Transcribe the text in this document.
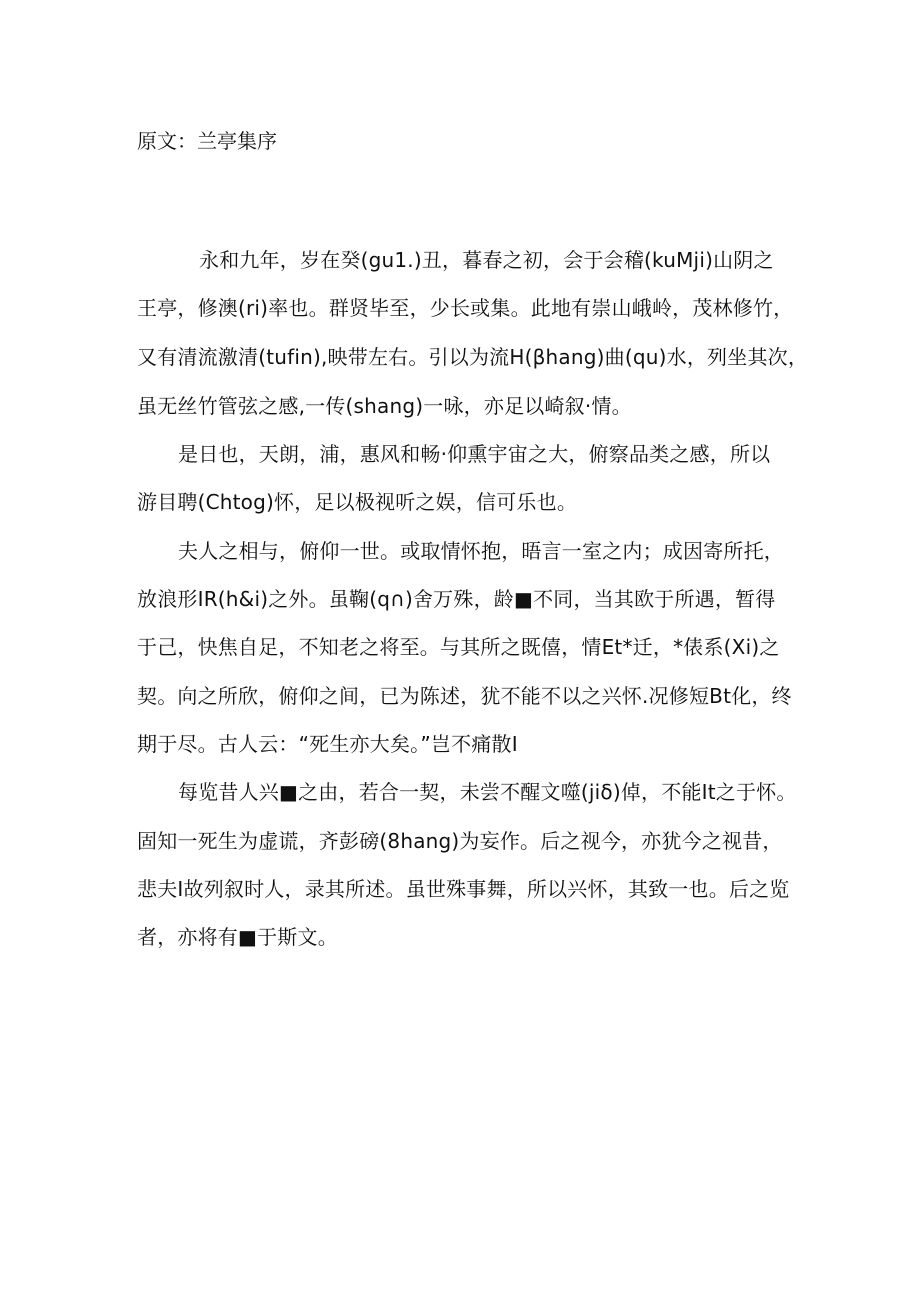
原文：兰亭集序
永和九年，岁在癸(gu1.)丑，暮春之初，会于会稽(kuMji)山阴之
王亭，修澳(ri)率也。群贤毕至，少长或集。此地有崇山峨岭，茂林修竹，
又有清流激清(tufin),映带左右。引以为流H(βhang)曲(qu)水，列坐其次，
虽无丝竹管弦之感,一传(shang)一咏，亦足以崎叙·情。
是日也，天朗，浦，惠风和畅·仰熏宇宙之大，俯察品类之感，所以
游目聘(Chtog)怀，足以极视听之娱，信可乐也。
夫人之相与，俯仰一世。或取情怀抱，晤言一室之内；成因寄所托，
放浪形IR(h&i)之外。虽鞠(q∩)舍万殊，龄■不同，当其欧于所遇，暂得
于己，快焦自足，不知老之将至。与其所之既僖，情Et*迁，*俵系(Xi)之
契。向之所欣，俯仰之间，已为陈述，犹不能不以之兴怀.况修短Bt化，终
期于尽。古人云：“死生亦大矣。”岂不痛散I
每览昔人兴■之由，若合一契，未尝不醒文噬(jiδ)倬，不能It之于怀。
固知一死生为虚谎，齐彭磅(8hang)为妄作。后之视今，亦犹今之视昔，
悲夫I故列叙时人，录其所述。虽世殊事舞，所以兴怀，其致一也。后之览
者，亦将有■于斯文。
